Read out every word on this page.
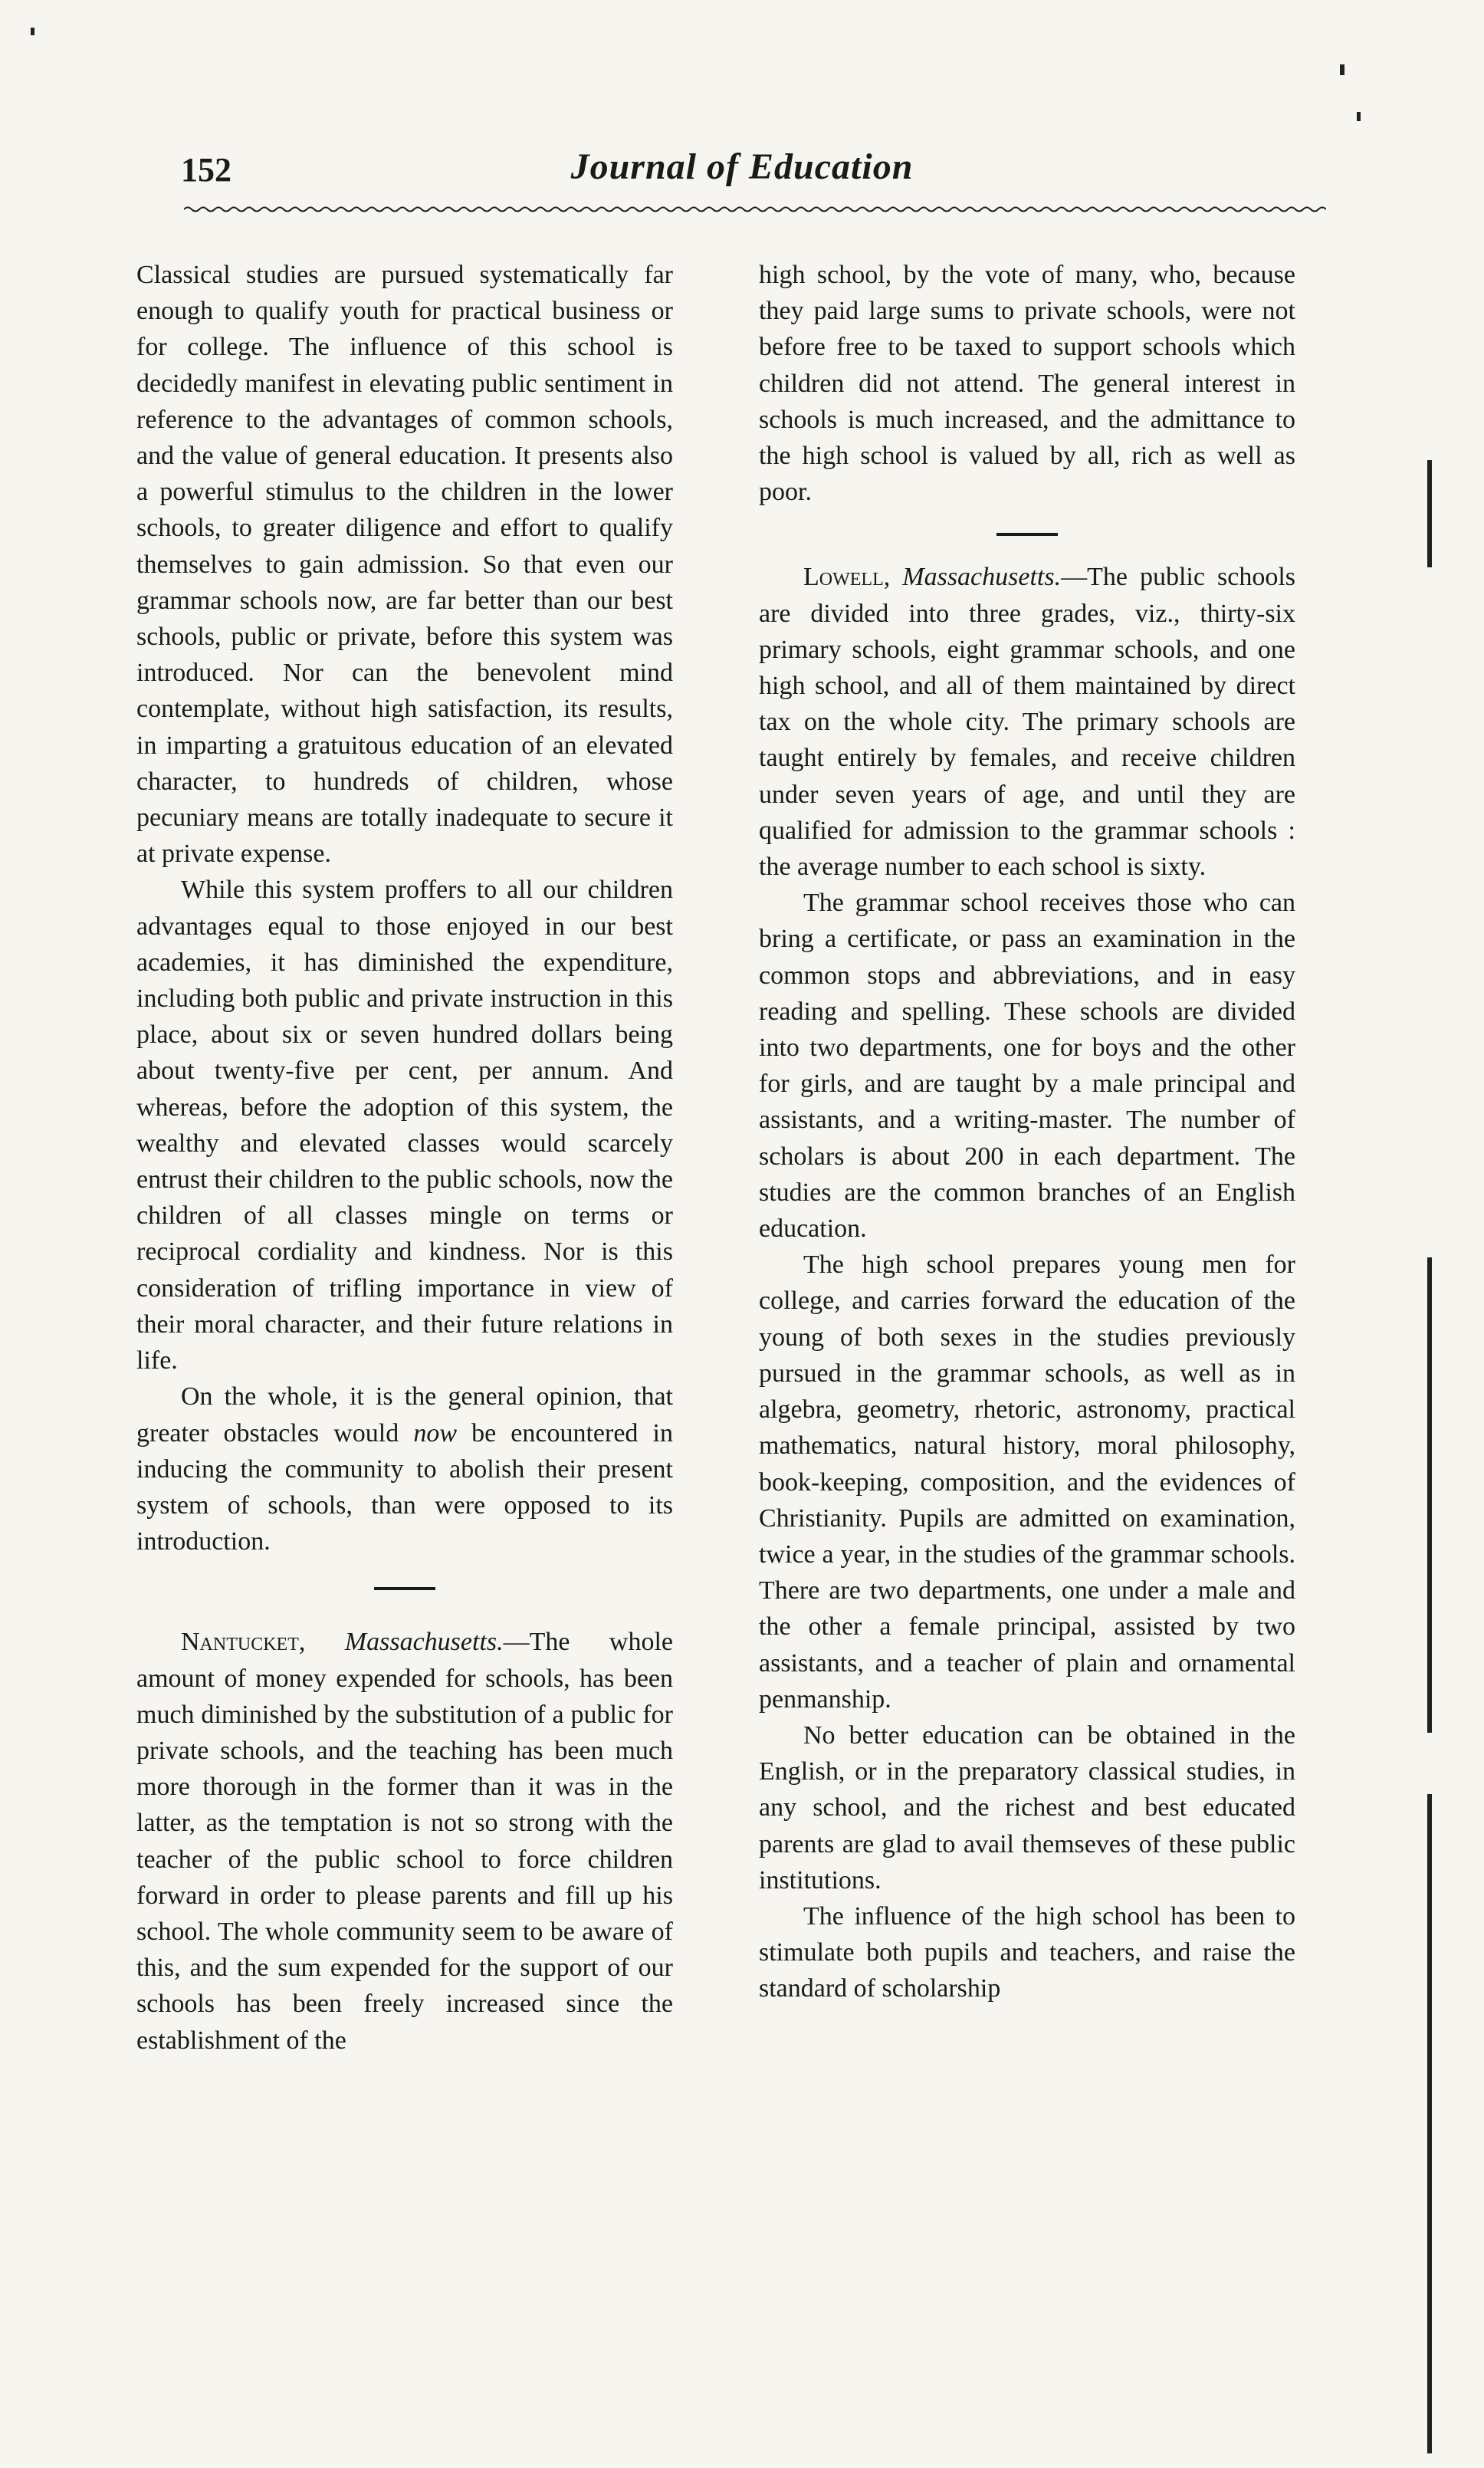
152	Journal of Education

Classical studies are pursued systematically far enough to qualify youth for practical business or for college. The influence of this school is decidedly manifest in elevating public sentiment in reference to the advantages of common schools, and the value of general education. It presents also a powerful stimulus to the children in the lower schools, to greater diligence and effort to qualify themselves to gain admission. So that even our grammar schools now, are far better than our best schools, public or private, before this system was introduced. Nor can the benevolent mind contemplate, without high satisfaction, its results, in imparting a gratuitous education of an elevated character, to hundreds of children, whose pecuniary means are totally inadequate to secure it at private expense.

While this system proffers to all our children advantages equal to those enjoyed in our best academies, it has diminished the expenditure, including both public and private instruction in this place, about six or seven hundred dollars being about twenty-five per cent, per annum. And whereas, before the adoption of this system, the wealthy and elevated classes would scarcely entrust their children to the public schools, now the children of all classes mingle on terms or reciprocal cordiality and kindness. Nor is this consideration of trifling importance in view of their moral character, and their future relations in life.

On the whole, it is the general opinion, that greater obstacles would now be encountered in inducing the community to abolish their present system of schools, than were opposed to its introduction.

Nantucket, Massachusetts.—The whole amount of money expended for schools, has been much diminished by the substitution of a public for private schools, and the teaching has been much more thorough in the former than it was in the latter, as the temptation is not so strong with the teacher of the public school to force children forward in order to please parents and fill up his school. The whole community seem to be aware of this, and the sum expended for the support of our schools has been freely increased since the establishment of the

high school, by the vote of many, who, because they paid large sums to private schools, were not before free to be taxed to support schools which children did not attend. The general interest in schools is much increased, and the admittance to the high school is valued by all, rich as well as poor.

Lowell, Massachusetts.—The public schools are divided into three grades, viz., thirty-six primary schools, eight grammar schools, and one high school, and all of them maintained by direct tax on the whole city. The primary schools are taught entirely by females, and receive children under seven years of age, and until they are qualified for admission to the grammar schools : the average number to each school is sixty.

The grammar school receives those who can bring a certificate, or pass an examination in the common stops and abbreviations, and in easy reading and spelling. These schools are divided into two departments, one for boys and the other for girls, and are taught by a male principal and assistants, and a writing-master. The number of scholars is about 200 in each department. The studies are the common branches of an English education.

The high school prepares young men for college, and carries forward the education of the young of both sexes in the studies previously pursued in the grammar schools, as well as in algebra, geometry, rhetoric, astronomy, practical mathematics, natural history, moral philosophy, book-keeping, composition, and the evidences of Christianity. Pupils are admitted on examination, twice a year, in the studies of the grammar schools. There are two departments, one under a male and the other a female principal, assisted by two assistants, and a teacher of plain and ornamental penmanship.

No better education can be obtained in the English, or in the preparatory classical studies, in any school, and the richest and best educated parents are glad to avail themseves of these public institutions.

The influence of the high school has been to stimulate both pupils and teachers, and raise the standard of scholarship
